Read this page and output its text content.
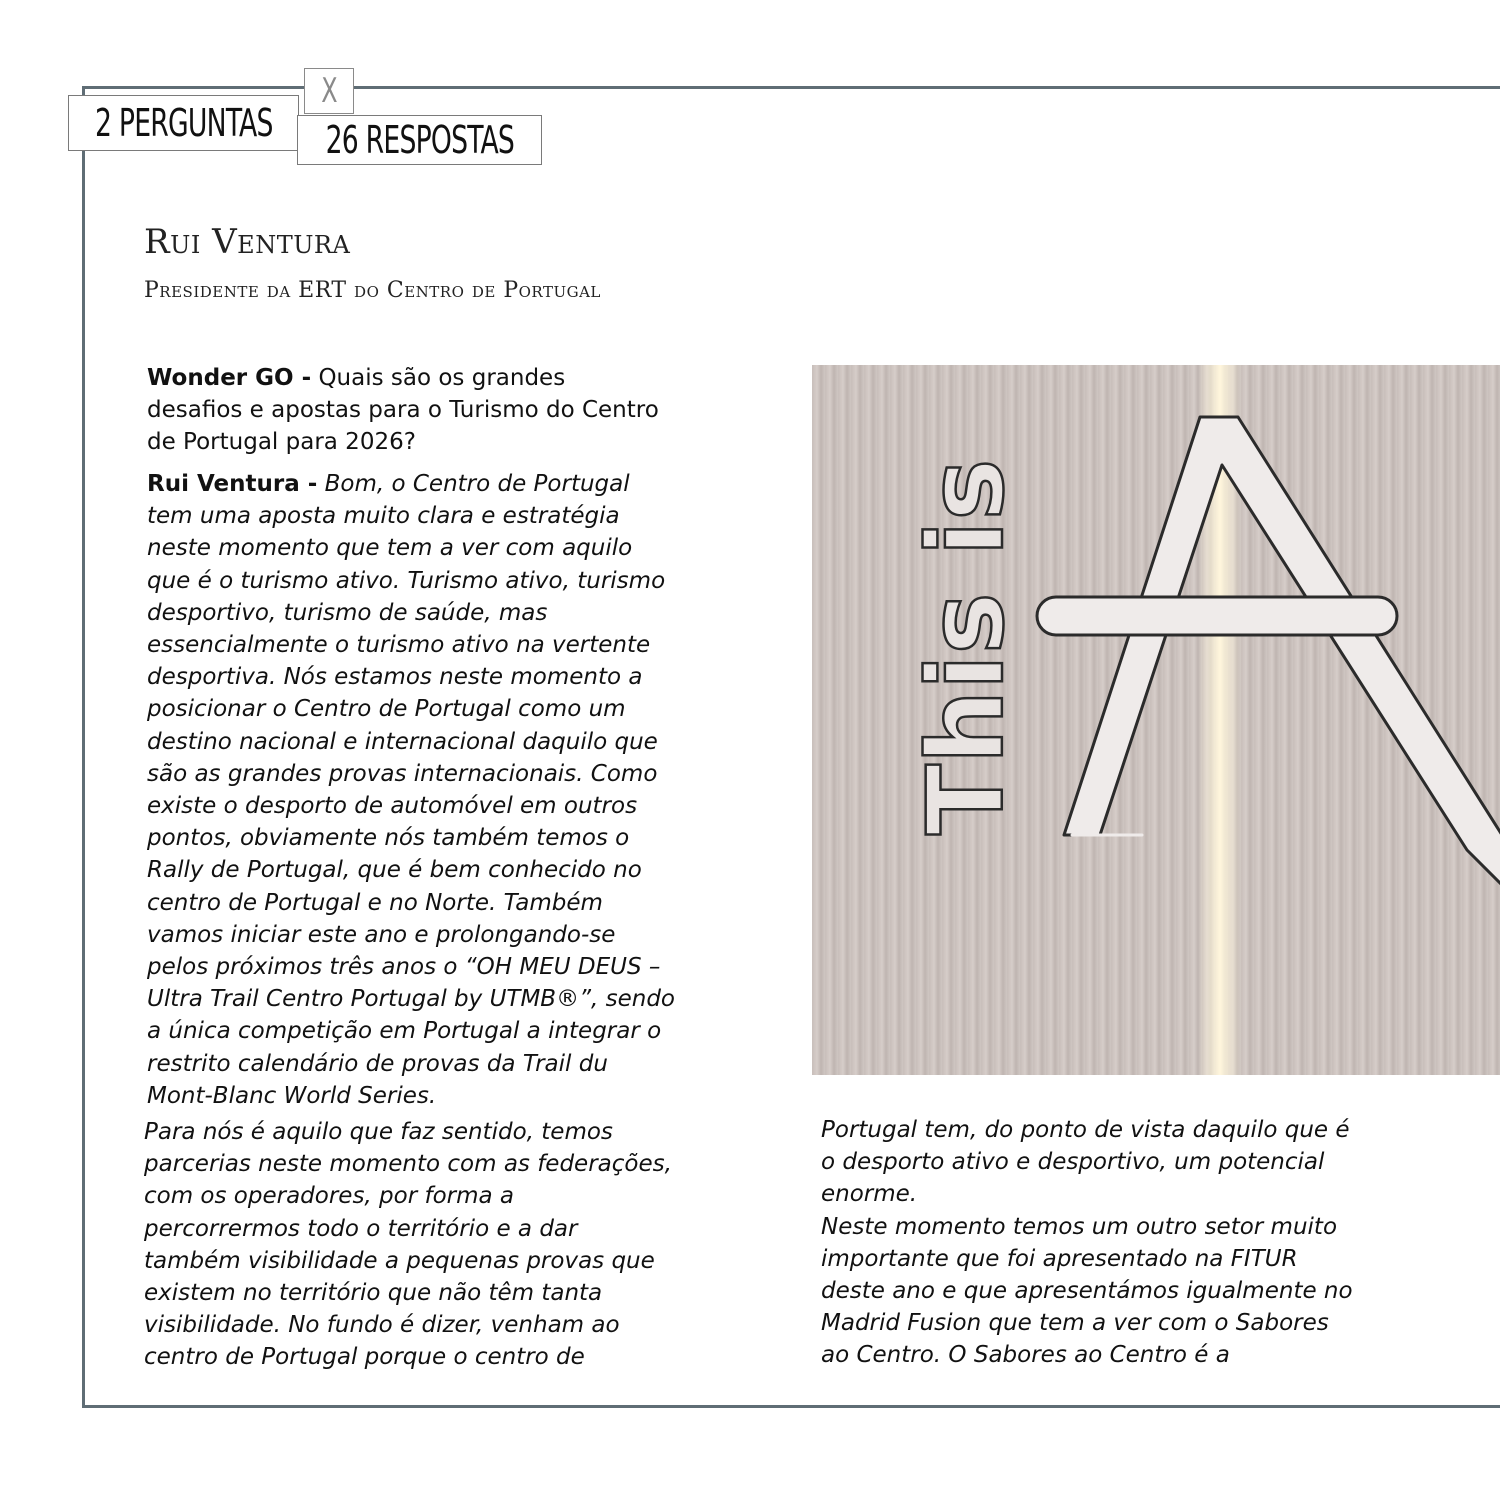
2 PERGUNTAS
X
26 RESPOSTAS
Rui Ventura
Presidente da ERT do Centro de Portugal
Wonder GO - Quais são os grandes desafios e apostas para o Turismo do Centro de Portugal para 2026?
Rui Ventura - Bom, o Centro de Portugal tem uma aposta muito clara e estratégia neste momento que tem a ver com aquilo que é o turismo ativo. Turismo ativo, turismo desportivo, turismo de saúde, mas essencialmente o turismo ativo na vertente desportiva. Nós estamos neste momento a posicionar o Centro de Portugal como um destino nacional e internacional daquilo que são as grandes provas internacionais. Como existe o desporto de automóvel em outros pontos, obviamente nós também temos o Rally de Portugal, que é bem conhecido no centro de Portugal e no Norte. Também vamos iniciar este ano e prolongando-se pelos próximos três anos o “OH MEU DEUS – Ultra Trail Centro Portugal by UTMB®”, sendo a única competição em Portugal a integrar o restrito calendário de provas da Trail du Mont-Blanc World Series.
Para nós é aquilo que faz sentido, temos parcerias neste momento com as federações, com os operadores, por forma a percorrermos todo o território e a dar também visibilidade a pequenas provas que existem no território que não têm tanta visibilidade. No fundo é dizer, venham ao centro de Portugal porque o centro de
Portugal tem, do ponto de vista daquilo que é o desporto ativo e desportivo, um potencial enorme.
Neste momento temos um outro setor muito importante que foi apresentado na FITUR deste ano e que apresentámos igualmente no Madrid Fusion que tem a ver com o Sabores ao Centro. O Sabores ao Centro é a
This is
